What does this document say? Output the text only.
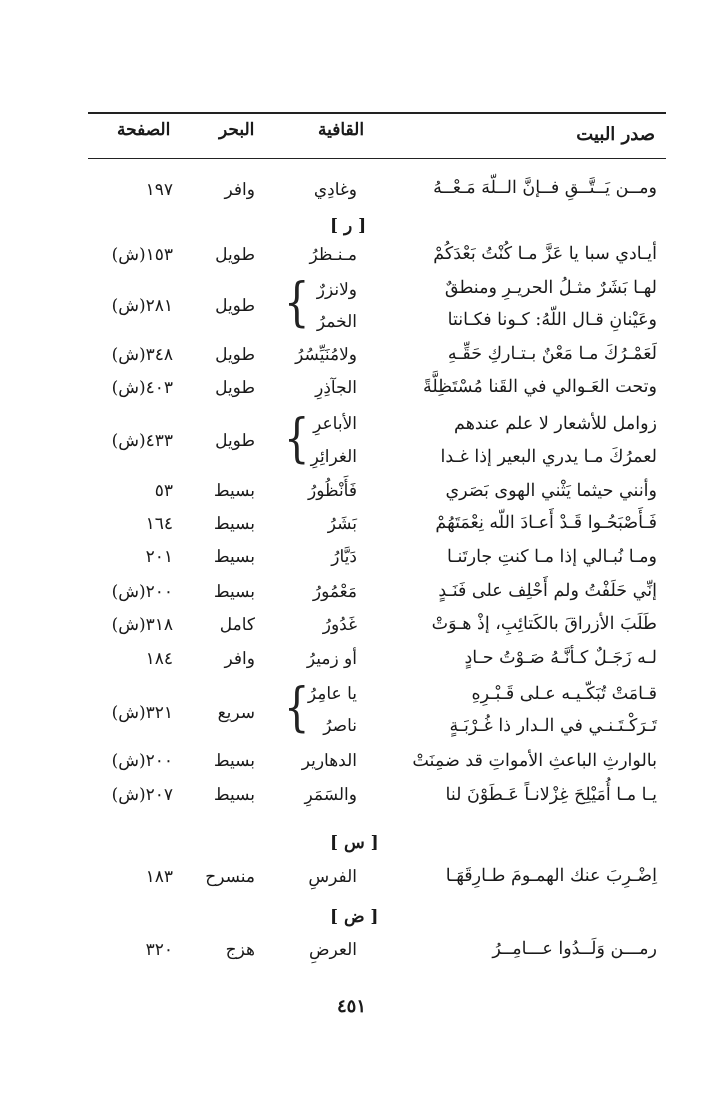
صدر البيت
القافية
البحر
الصفحة
ومــن يَــتَّــقِ فــإنَّ الــلّهَ مَـعْــهُ
وغادِي
وافر
١٩٧
[ ر ]
أيـادي سبا يا عَزَّ مـا كُنْتُ بَعْدَكُمْ
مـنـظرُ
طويل
١٥٣(ش)
لهـا بَشَرٌ مثـلُ الحريـرِ ومنطقٌ
ولانزرٌ
وعَيْنانِ قـال اللّهُ: كـونا فكـانتا
الخمرُ
{
طويل
٢٨١(ش)
لَعَمْـرُكَ مـا مَعْنٌ بـتـاركِ حَقِّـهِ
ولامُنَيِّسُرُ
طويل
٣٤٨(ش)
وتحت العَـوالي في القَنا مُسْتَظِلَّةً
الجآذِرِ
طويل
٤٠٣(ش)
زوامل للأشعار لا علم عندهم
الأباعرِ
لعمرُكَ مـا يدري البعير إذا غـدا
الغرائِرِ
{
طويل
٤٣٣(ش)
وأنني حيثما يَثْني الهوى بَصَري
فَأَنْظُورُ
بسيط
٥٣
فَـأَصْبَحُـوا قَـدْ أَعـادَ اللّه نِعْمَتَهُمْ
بَشَرُ
بسيط
١٦٤
ومـا نُبـالي إذا مـا كنتِ جارتَنـا
دَيَّارُ
بسيط
٢٠١
إنِّي حَلَفْتُ ولم أَحْلِف على فَنَـدٍ
مَعْمُورُ
بسيط
٢٠٠(ش)
طَلَبَ الأزراقَ بالكَتائِبِ، إذْ هـوَتْ
غَدُورُ
كامل
٣١٨(ش)
لـه زَجَـلٌ كـأنَّـهُ صَـوْتُ حـادٍ
أو زميرُ
وافر
١٨٤
قـامَتْ تُبَكّـيـه عـلى قَـبْـرِهِ
يا عامِرُ
تَـرَكْـتَـنـي في الـدار ذا غُـرْبَـةٍ
ناصرُ
{
سريع
٣٢١(ش)
بالوارثِ الباعثِ الأمواتِ قد ضمِنَتْ
الدهارير
بسيط
٢٠٠(ش)
يـا مـا أُمَيْلِحَ غِزْلانـاً عَـطَوْنَ لنا
والسَمَرِ
بسيط
٢٠٧(ش)
[ س ]
اِضْـرِبَ عنك الهمـومَ طـارِقَهَـا
الفرسِ
منسرح
١٨٣
[ ض ]
رمـــن وَلَــدُوا عـــامِــرُ
العرضِ
هزج
٣٢٠
٤٥١
